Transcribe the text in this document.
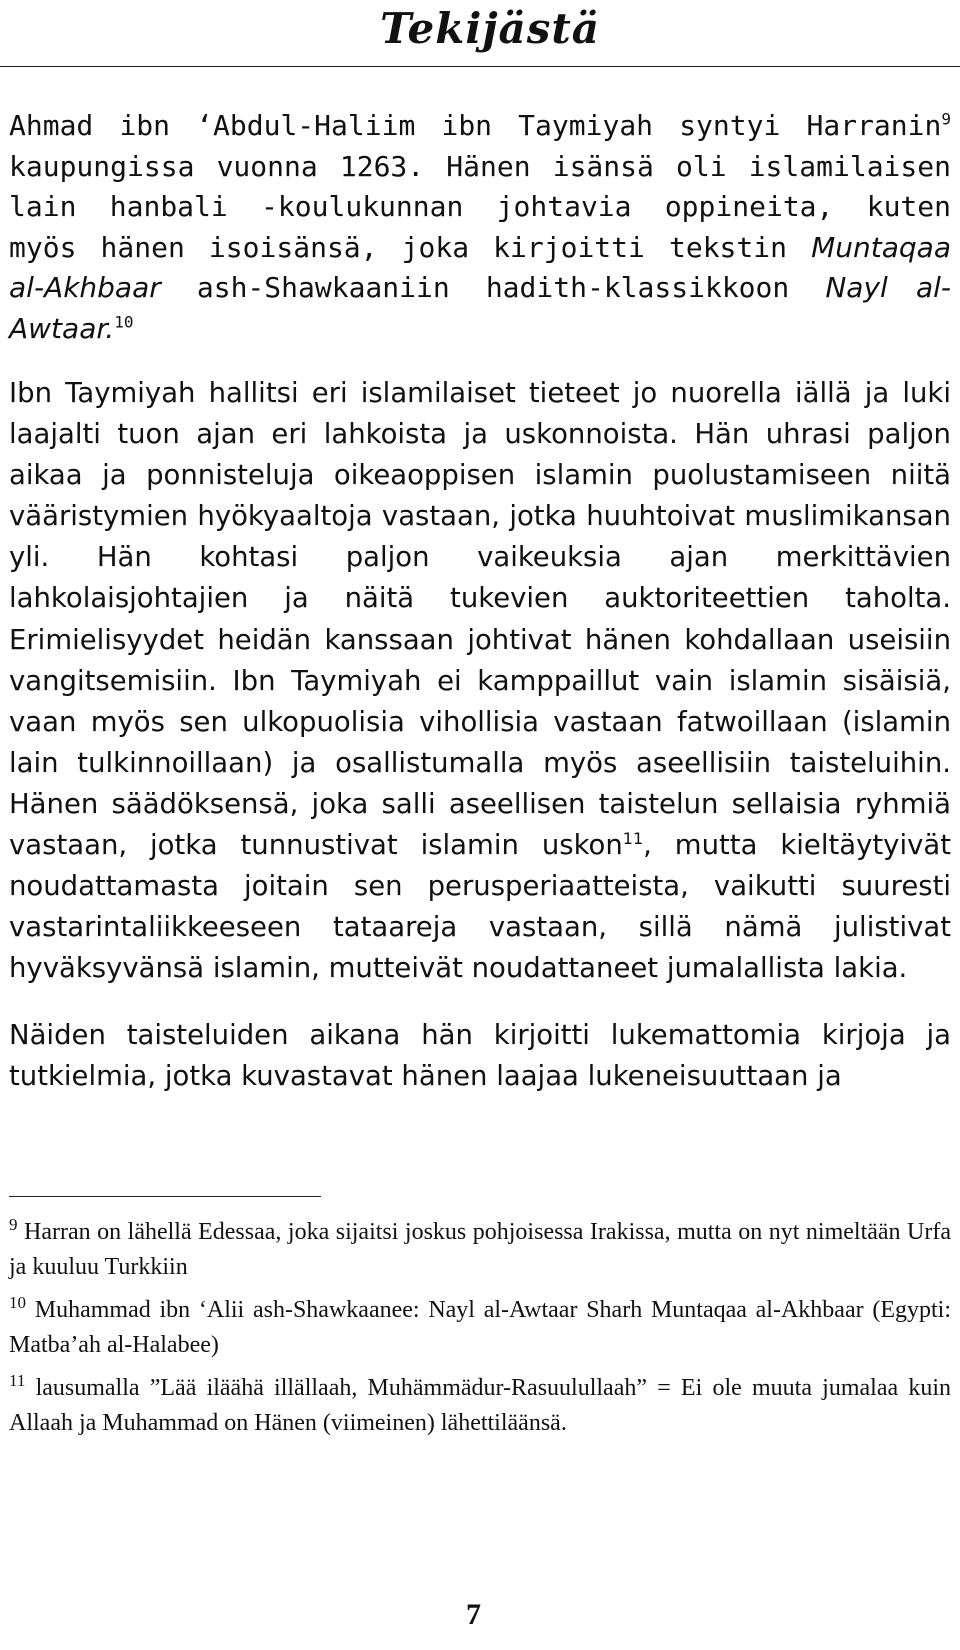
Tekijästä

Ahmad ibn ‘Abdul-Haliim ibn Taymiyah syntyi Harranin$^9$ kaupungissa vuonna 1263. Hänen isänsä oli islamilaisen lain hanbali -koulukunnan johtavia oppineita, kuten myös hänen isoisänsä, joka kirjoitti tekstin Muntaqaa al-Akhbaar ash-Shawkaaniin hadith-klassikkoon Nayl al-Awtaar.$^{10}$

Ibn Taymiyah hallitsi eri islamilaiset tieteet jo nuorella iällä ja luki laajalti tuon ajan eri lahkoista ja uskonnoista. Hän uhrasi paljon aikaa ja ponnisteluja oikeaoppisen islamin puolustamiseen niitä vääristymien hyökyaaltoja vastaan, jotka huuhtoivat muslimikansan yli. Hän kohtasi paljon vaikeuksia ajan merkittävien lahkolaisjohtajien ja näitä tukevien auktoriteettien taholta. Erimielisyydet heidän kanssaan johtivat hänen kohdallaan useisiin vangitsemisiin. Ibn Taymiyah ei kamppaillut vain islamin sisäisiä, vaan myös sen ulkopuolisia vihollisia vastaan fatwoillaan (islamin lain tulkinnoillaan) ja osallistumalla myös aseellisiin taisteluihin. Hänen säädöksensä, joka salli aseellisen taistelun sellaisia ryhmiä vastaan, jotka tunnustivat islamin uskon$^{11}$, mutta kieltäytyivät noudattamasta joitain sen perusperiaatteista, vaikutti suuresti vastarintaliikkeeseen tataareja vastaan, sillä nämä julistivat hyväksyvänsä islamin, mutteivät noudattaneet jumalallista lakia.

Näiden taisteluiden aikana hän kirjoitti lukemattomia kirjoja ja tutkielmia, jotka kuvastavat hänen laajaa lukeneisuuttaan ja

$^9$ Harran on lähellä Edessaa, joka sijaitsi joskus pohjoisessa Irakissa, mutta on nyt nimeltään Urfa ja kuuluu Turkkiin

$^{10}$ Muhammad ibn ‘Alii ash-Shawkaanee: Nayl al-Awtaar Sharh Muntaqaa al-Akhbaar (Egypti: Matba’ah al-Halabee)

$^{11}$ lausumalla ”Lää iläähä illällaah, Muhämmädur-Rasuulullaah” = Ei ole muuta jumalaa kuin Allaah ja Muhammad on Hänen (viimeinen) lähettiläänsä.

7
